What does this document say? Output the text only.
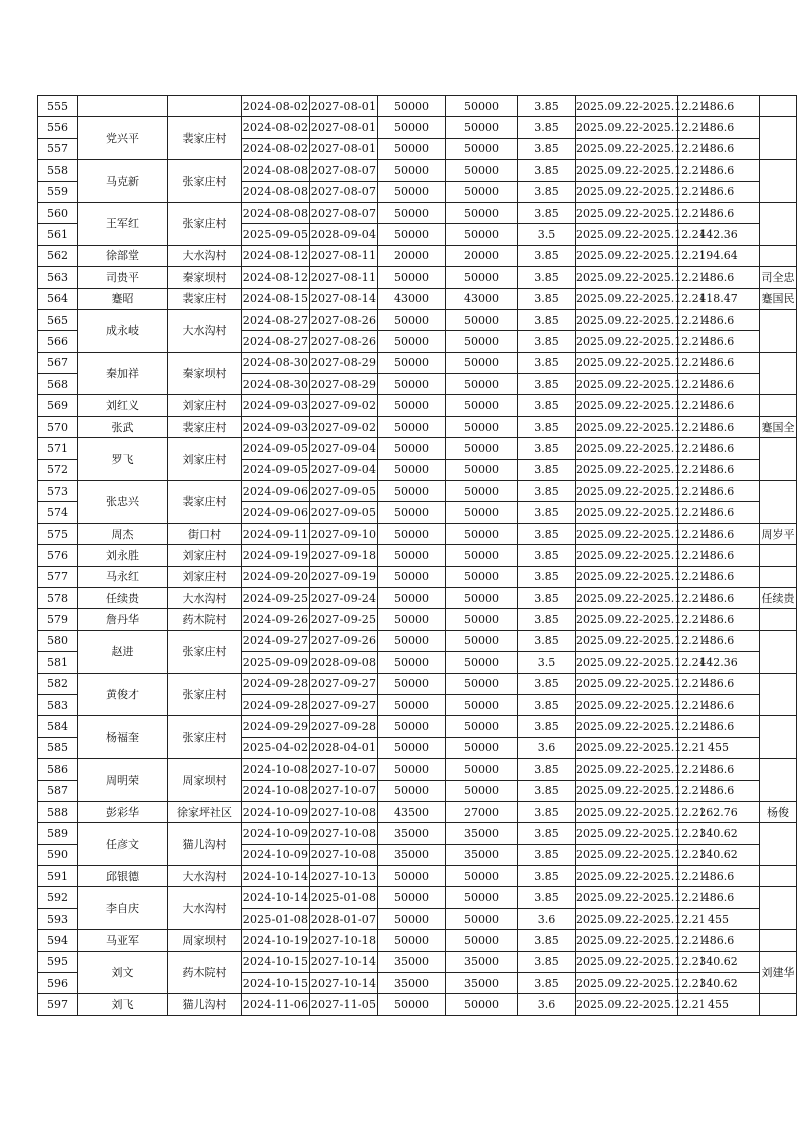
555			2024-08-02	2027-08-01	50000	50000	3.85	2025.09.22-2025.12.21	486.6	
556	党兴平	裴家庄村	2024-08-02	2027-08-01	50000	50000	3.85	2025.09.22-2025.12.21	486.6	
557			2024-08-02	2027-08-01	50000	50000	3.85	2025.09.22-2025.12.21	486.6	
558	马克新	张家庄村	2024-08-08	2027-08-07	50000	50000	3.85	2025.09.22-2025.12.21	486.6	
559			2024-08-08	2027-08-07	50000	50000	3.85	2025.09.22-2025.12.21	486.6	
560	王军红	张家庄村	2024-08-08	2027-08-07	50000	50000	3.85	2025.09.22-2025.12.21	486.6	
561			2025-09-05	2028-09-04	50000	50000	3.5	2025.09.22-2025.12.21	442.36	
562	徐部堂	大水沟村	2024-08-12	2027-08-11	20000	20000	3.85	2025.09.22-2025.12.21	194.64	
563	司贵平	秦家坝村	2024-08-12	2027-08-11	50000	50000	3.85	2025.09.22-2025.12.21	486.6	司全忠
564	蹇昭	裴家庄村	2024-08-15	2027-08-14	43000	43000	3.85	2025.09.22-2025.12.21	418.47	蹇国民
565	成永岐	大水沟村	2024-08-27	2027-08-26	50000	50000	3.85	2025.09.22-2025.12.21	486.6	
566			2024-08-27	2027-08-26	50000	50000	3.85	2025.09.22-2025.12.21	486.6	
567	秦加祥	秦家坝村	2024-08-30	2027-08-29	50000	50000	3.85	2025.09.22-2025.12.21	486.6	
568			2024-08-30	2027-08-29	50000	50000	3.85	2025.09.22-2025.12.21	486.6	
569	刘红义	刘家庄村	2024-09-03	2027-09-02	50000	50000	3.85	2025.09.22-2025.12.21	486.6	
570	张武	裴家庄村	2024-09-03	2027-09-02	50000	50000	3.85	2025.09.22-2025.12.21	486.6	蹇国全
571	罗飞	刘家庄村	2024-09-05	2027-09-04	50000	50000	3.85	2025.09.22-2025.12.21	486.6	
572			2024-09-05	2027-09-04	50000	50000	3.85	2025.09.22-2025.12.21	486.6	
573	张忠兴	裴家庄村	2024-09-06	2027-09-05	50000	50000	3.85	2025.09.22-2025.12.21	486.6	
574			2024-09-06	2027-09-05	50000	50000	3.85	2025.09.22-2025.12.21	486.6	
575	周杰	街口村	2024-09-11	2027-09-10	50000	50000	3.85	2025.09.22-2025.12.21	486.6	周岁平
576	刘永胜	刘家庄村	2024-09-19	2027-09-18	50000	50000	3.85	2025.09.22-2025.12.21	486.6	
577	马永红	刘家庄村	2024-09-20	2027-09-19	50000	50000	3.85	2025.09.22-2025.12.21	486.6	
578	任续贵	大水沟村	2024-09-25	2027-09-24	50000	50000	3.85	2025.09.22-2025.12.21	486.6	任续贵
579	詹丹华	药木院村	2024-09-26	2027-09-25	50000	50000	3.85	2025.09.22-2025.12.21	486.6	
580	赵进	张家庄村	2024-09-27	2027-09-26	50000	50000	3.85	2025.09.22-2025.12.21	486.6	
581			2025-09-09	2028-09-08	50000	50000	3.5	2025.09.22-2025.12.21	442.36	
582	黄俊才	张家庄村	2024-09-28	2027-09-27	50000	50000	3.85	2025.09.22-2025.12.21	486.6	
583			2024-09-28	2027-09-27	50000	50000	3.85	2025.09.22-2025.12.21	486.6	
584	杨福奎	张家庄村	2024-09-29	2027-09-28	50000	50000	3.85	2025.09.22-2025.12.21	486.6	
585			2025-04-02	2028-04-01	50000	50000	3.6	2025.09.22-2025.12.21	455	
586	周明荣	周家坝村	2024-10-08	2027-10-07	50000	50000	3.85	2025.09.22-2025.12.21	486.6	
587			2024-10-08	2027-10-07	50000	50000	3.85	2025.09.22-2025.12.21	486.6	
588	彭彩华	徐家坪社区	2024-10-09	2027-10-08	43500	27000	3.85	2025.09.22-2025.12.21	262.76	杨俊
589	任彦文	猫儿沟村	2024-10-09	2027-10-08	35000	35000	3.85	2025.09.22-2025.12.21	340.62	
590			2024-10-09	2027-10-08	35000	35000	3.85	2025.09.22-2025.12.21	340.62	
591	邱银德	大水沟村	2024-10-14	2027-10-13	50000	50000	3.85	2025.09.22-2025.12.21	486.6	
592	李自庆	大水沟村	2024-10-14	2025-01-08	50000	50000	3.85	2025.09.22-2025.12.21	486.6	
593			2025-01-08	2028-01-07	50000	50000	3.6	2025.09.22-2025.12.21	455	
594	马亚军	周家坝村	2024-10-19	2027-10-18	50000	50000	3.85	2025.09.22-2025.12.21	486.6	
595	刘文	药木院村	2024-10-15	2027-10-14	35000	35000	3.85	2025.09.22-2025.12.21	340.62	刘建华
596			2024-10-15	2027-10-14	35000	35000	3.85	2025.09.22-2025.12.21	340.62	
597	刘飞	猫儿沟村	2024-11-06	2027-11-05	50000	50000	3.6	2025.09.22-2025.12.21	455	
